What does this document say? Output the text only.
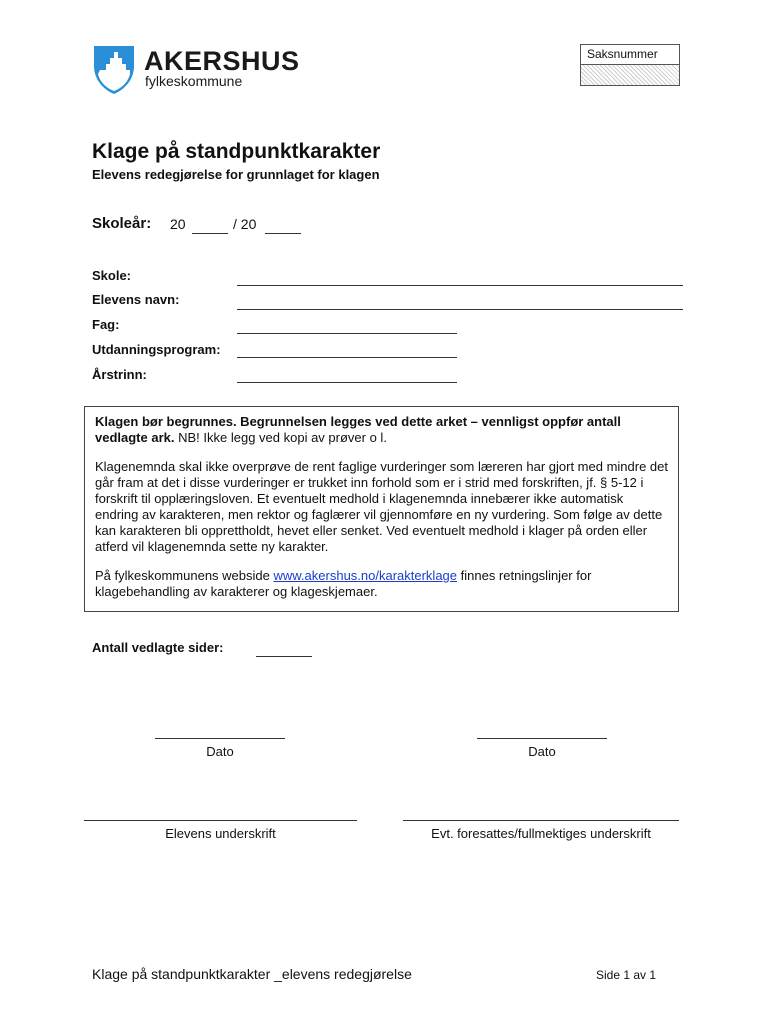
AKERSHUS
fylkeskommune
Saksnummer
Klage på standpunktkarakter
Elevens redegjørelse for grunnlaget for klagen
Skoleår: 20	/ 20
Skole:
Elevens navn:
Fag:
Utdanningsprogram:
Årstrinn:

Klagen bør begrunnes. Begrunnelsen legges ved dette arket – vennligst oppfør antall vedlagte ark. NB! Ikke legg ved kopi av prøver o l.

Klagenemnda skal ikke overprøve de rent faglige vurderinger som læreren har gjort med mindre det går fram at det i disse vurderinger er trukket inn forhold som er i strid med forskriften, jf. § 5-12 i forskrift til opplæringsloven. Et eventuelt medhold i klagenemnda innebærer ikke automatisk endring av karakteren, men rektor og faglærer vil gjennomføre en ny vurdering. Som følge av dette kan karakteren bli opprettholdt, hevet eller senket. Ved eventuelt medhold i klager på orden eller atferd vil klagenemnda sette ny karakter.

På fylkeskommunens webside www.akershus.no/karakterklage finnes retningslinjer for klagebehandling av karakterer og klageskjemaer.

Antall vedlagte sider:
Dato	Dato
Elevens underskrift	Evt. foresattes/fullmektiges underskrift
Klage på standpunktkarakter _elevens redegjørelse	Side 1 av 1
